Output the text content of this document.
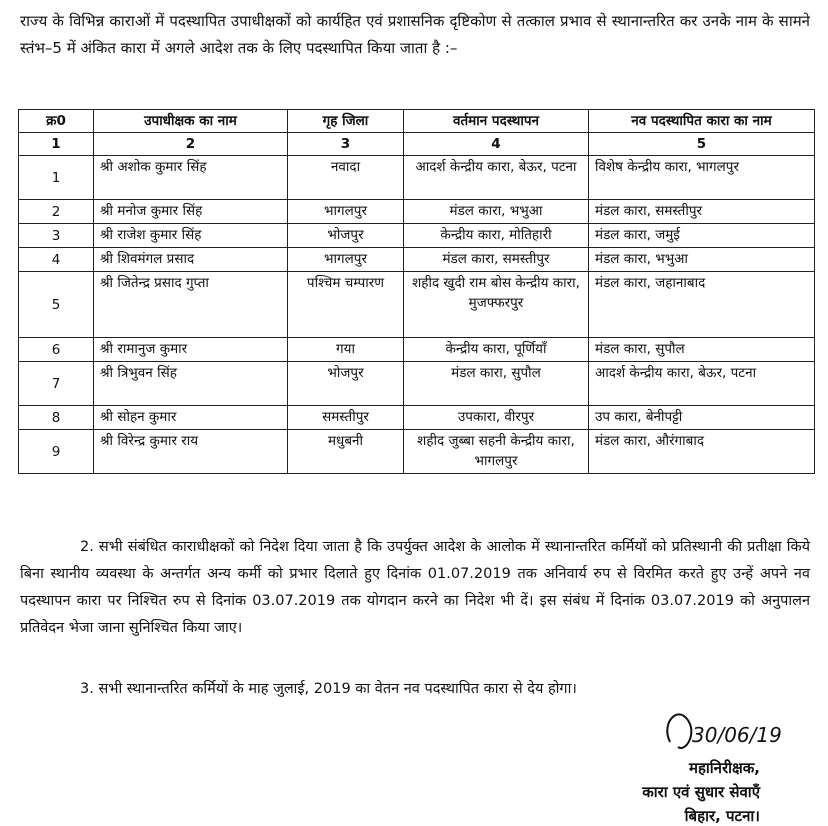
राज्य के विभिन्न काराओं में पदस्थापित उपाधीक्षकों को कार्यहित एवं प्रशासनिक दृष्टिकोण से तत्काल प्रभाव से स्थानान्तरित कर उनके नाम के सामने स्तंभ–5 में अंकित कारा में अगले आदेश तक के लिए पदस्थापित किया जाता है :–
क्र0	उपाधीक्षक का नाम	गृह जिला	वर्तमान पदस्थापन	नव पदस्थापित कारा का नाम
1	2	3	4	5
1	श्री अशोक कुमार सिंह	नवादा	आदर्श केन्द्रीय कारा, बेऊर, पटना	विशेष केन्द्रीय कारा, भागलपुर
2	श्री मनोज कुमार सिंह	भागलपुर	मंडल कारा, भभुआ	मंडल कारा, समस्तीपुर
3	श्री राजेश कुमार सिंह	भोजपुर	केन्द्रीय कारा, मोतिहारी	मंडल कारा, जमुई
4	श्री शिवमंगल प्रसाद	भागलपुर	मंडल कारा, समस्तीपुर	मंडल कारा, भभुआ
5	श्री जितेन्द्र प्रसाद गुप्ता	पश्चिम चम्पारण	शहीद खुदी राम बोस केन्द्रीय कारा, मुजफ्फरपुर	मंडल कारा, जहानाबाद
6	श्री रामानुज कुमार	गया	केन्द्रीय कारा, पूर्णियाँ	मंडल कारा, सुपौल
7	श्री त्रिभुवन सिंह	भोजपुर	मंडल कारा, सुपौल	आदर्श केन्द्रीय कारा, बेऊर, पटना
8	श्री सोहन कुमार	समस्तीपुर	उपकारा, वीरपुर	उप कारा, बेनीपट्टी
9	श्री विरेन्द्र कुमार राय	मधुबनी	शहीद जुब्बा सहनी केन्द्रीय कारा, भागलपुर	मंडल कारा, औरंगाबाद
2. सभी संबंधित काराधीक्षकों को निदेश दिया जाता है कि उपर्युक्त आदेश के आलोक में स्थानान्तरित कर्मियों को प्रतिस्थानी की प्रतीक्षा किये बिना स्थानीय व्यवस्था के अन्तर्गत अन्य कर्मी को प्रभार दिलाते हुए दिनांक 01.07.2019 तक अनिवार्य रुप से विरमित करते हुए उन्हें अपने नव पदस्थापन कारा पर निश्चित रुप से दिनांक 03.07.2019 तक योगदान करने का निदेश भी दें। इस संबंध में दिनांक 03.07.2019 को अनुपालन प्रतिवेदन भेजा जाना सुनिश्चित किया जाए।
3. सभी स्थानान्तरित कर्मियों के माह जुलाई, 2019 का वेतन नव पदस्थापित कारा से देय होगा।
30/06/19
महानिरीक्षक,
कारा एवं सुधार सेवाएँ
बिहार, पटना।
